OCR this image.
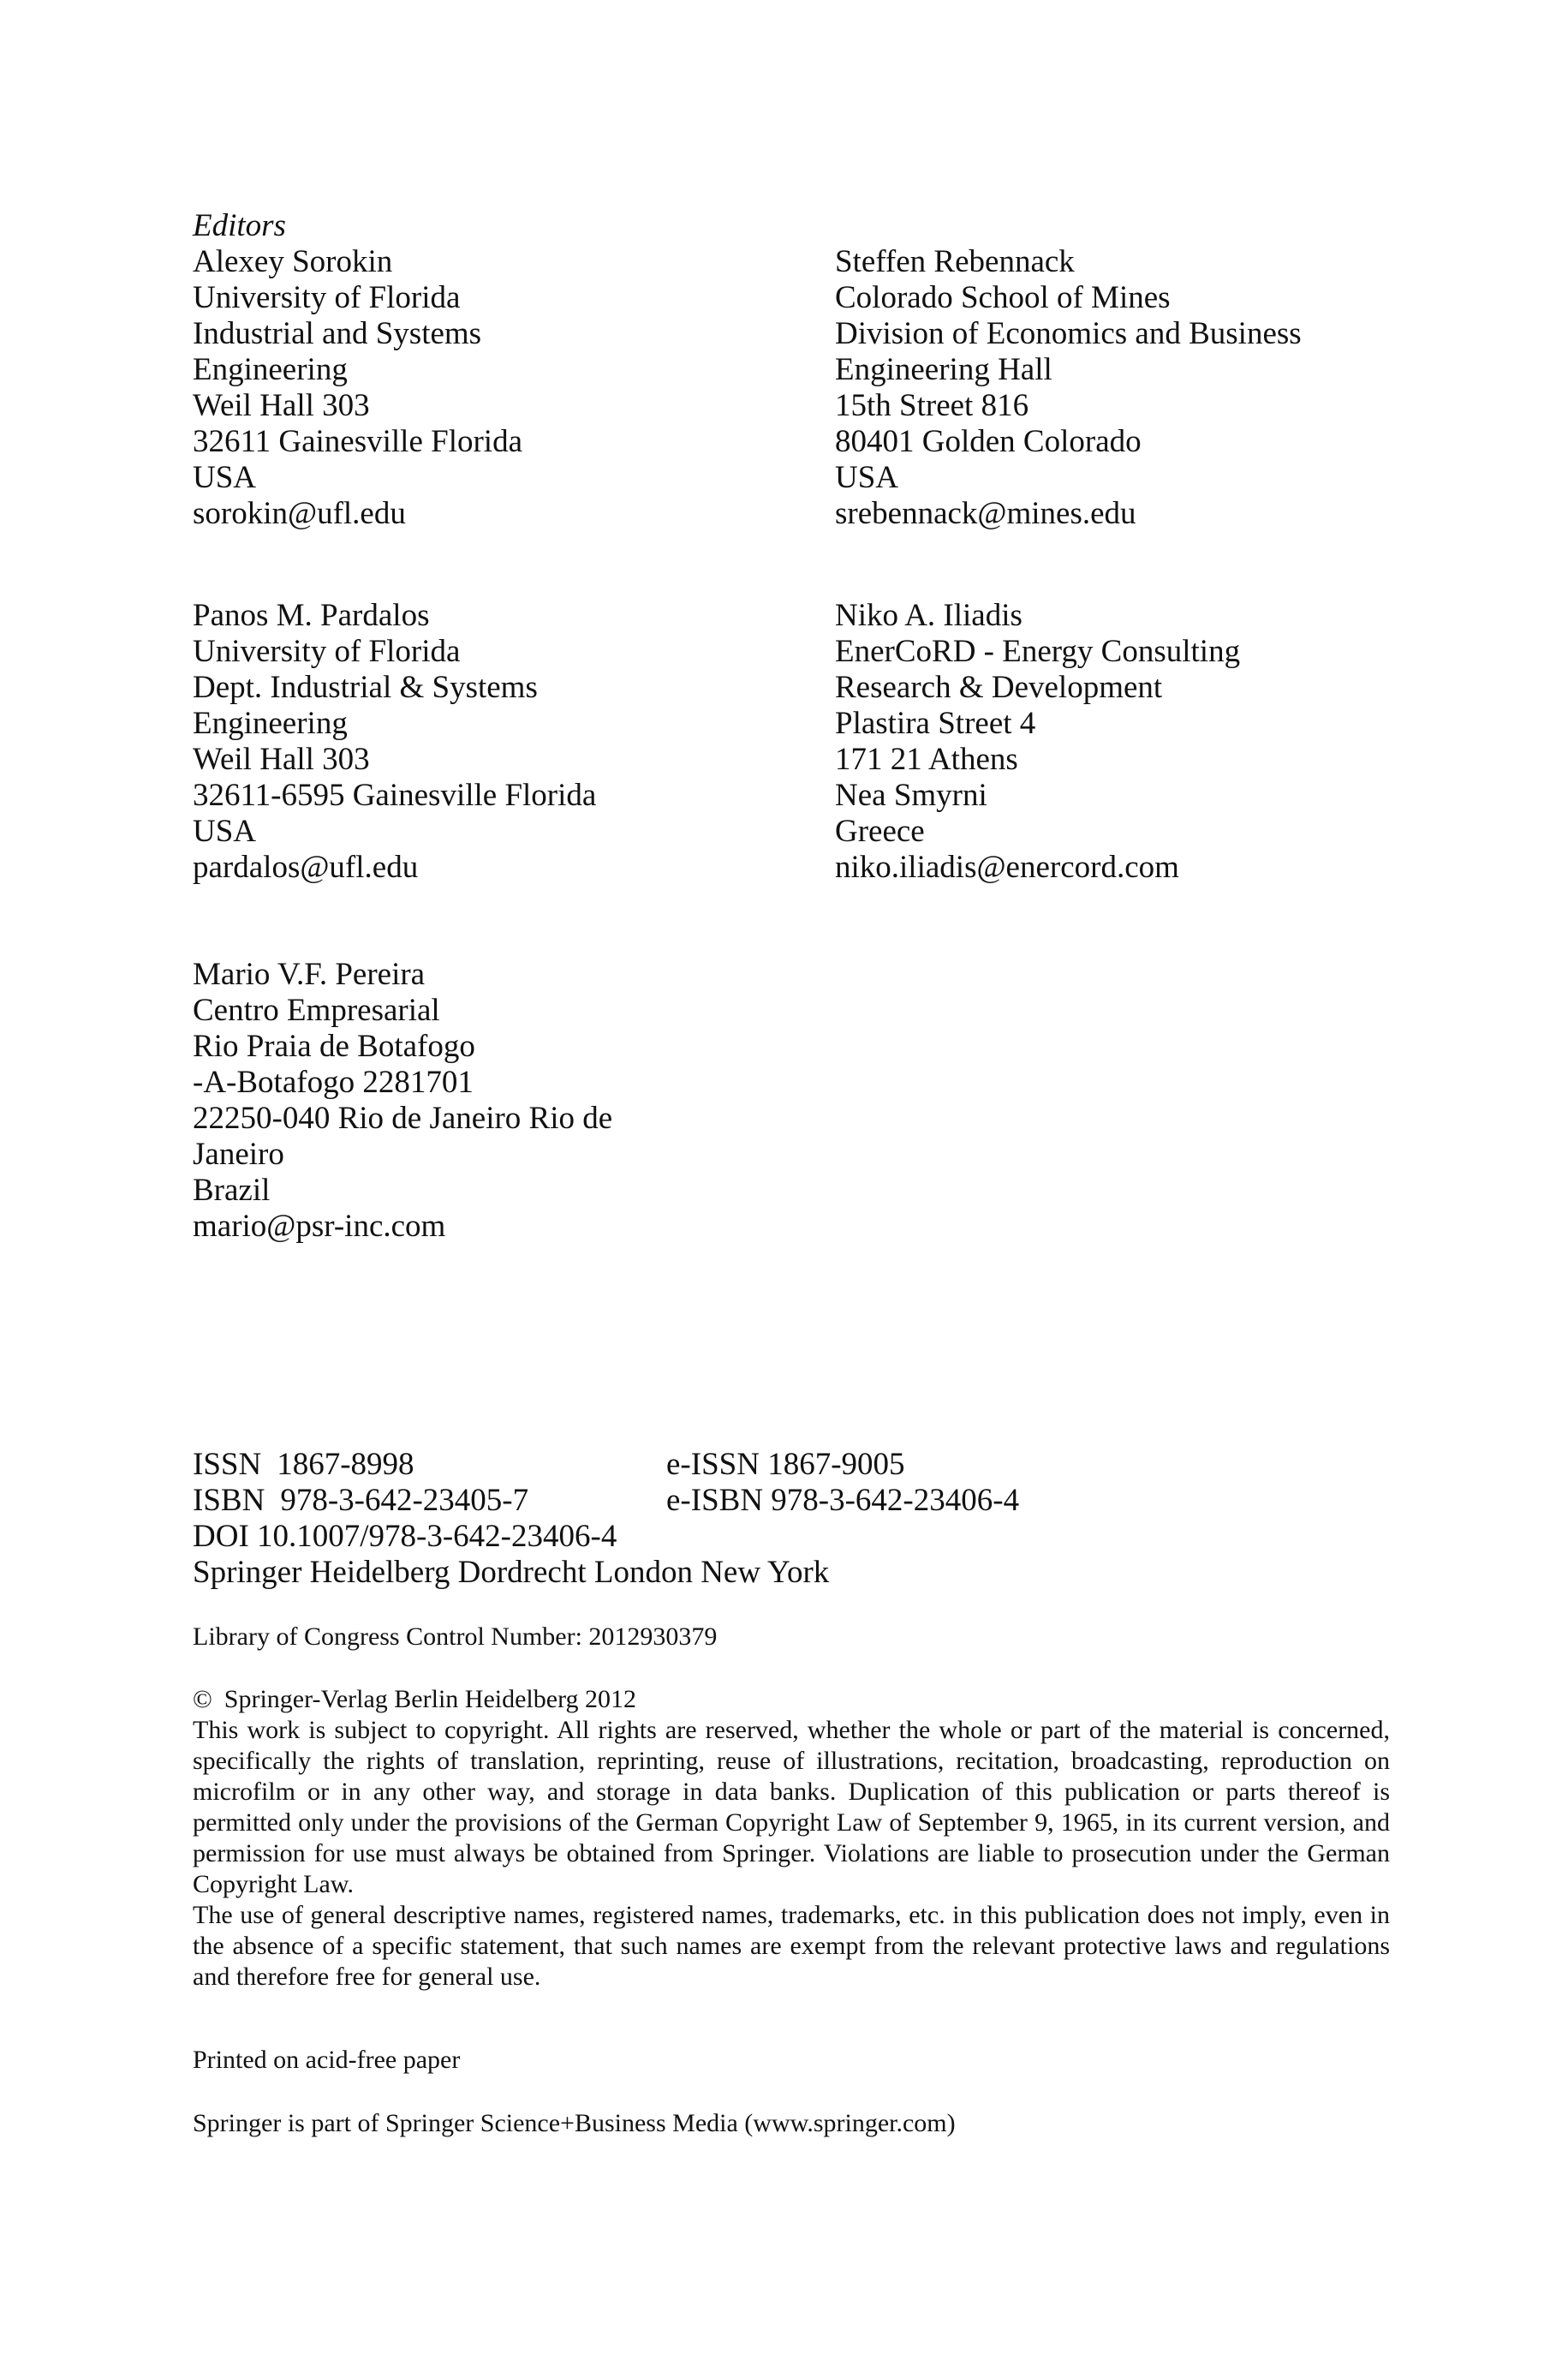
Editors
Alexey Sorokin
University of Florida
Industrial and Systems
Engineering
Weil Hall 303
32611 Gainesville Florida
USA
sorokin@ufl.edu
Steffen Rebennack
Colorado School of Mines
Division of Economics and Business
Engineering Hall
15th Street 816
80401 Golden Colorado
USA
srebennack@mines.edu
Panos M. Pardalos
University of Florida
Dept. Industrial & Systems
Engineering
Weil Hall 303
32611-6595 Gainesville Florida
USA
pardalos@ufl.edu
Niko A. Iliadis
EnerCoRD - Energy Consulting
Research & Development
Plastira Street 4
171 21 Athens
Nea Smyrni
Greece
niko.iliadis@enercord.com
Mario V.F. Pereira
Centro Empresarial
Rio Praia de Botafogo
-A-Botafogo 2281701
22250-040 Rio de Janeiro Rio de
Janeiro
Brazil
mario@psr-inc.com
ISSN 1867-8998	e-ISSN 1867-9005
ISBN 978-3-642-23405-7	e-ISBN 978-3-642-23406-4
DOI 10.1007/978-3-642-23406-4
Springer Heidelberg Dordrecht London New York

Library of Congress Control Number: 2012930379

© Springer-Verlag Berlin Heidelberg 2012

This work is subject to copyright. All rights are reserved, whether the whole or part of the material is concerned, specifically the rights of translation, reprinting, reuse of illustrations, recitation, broadcasting, reproduction on microfilm or in any other way, and storage in data banks. Duplication of this publication or parts thereof is permitted only under the provisions of the German Copyright Law of September 9, 1965, in its current version, and permission for use must always be obtained from Springer. Violations are liable to prosecution under the German Copyright Law.

The use of general descriptive names, registered names, trademarks, etc. in this publication does not imply, even in the absence of a specific statement, that such names are exempt from the relevant protective laws and regulations and therefore free for general use.

Printed on acid-free paper

Springer is part of Springer Science+Business Media (www.springer.com)
